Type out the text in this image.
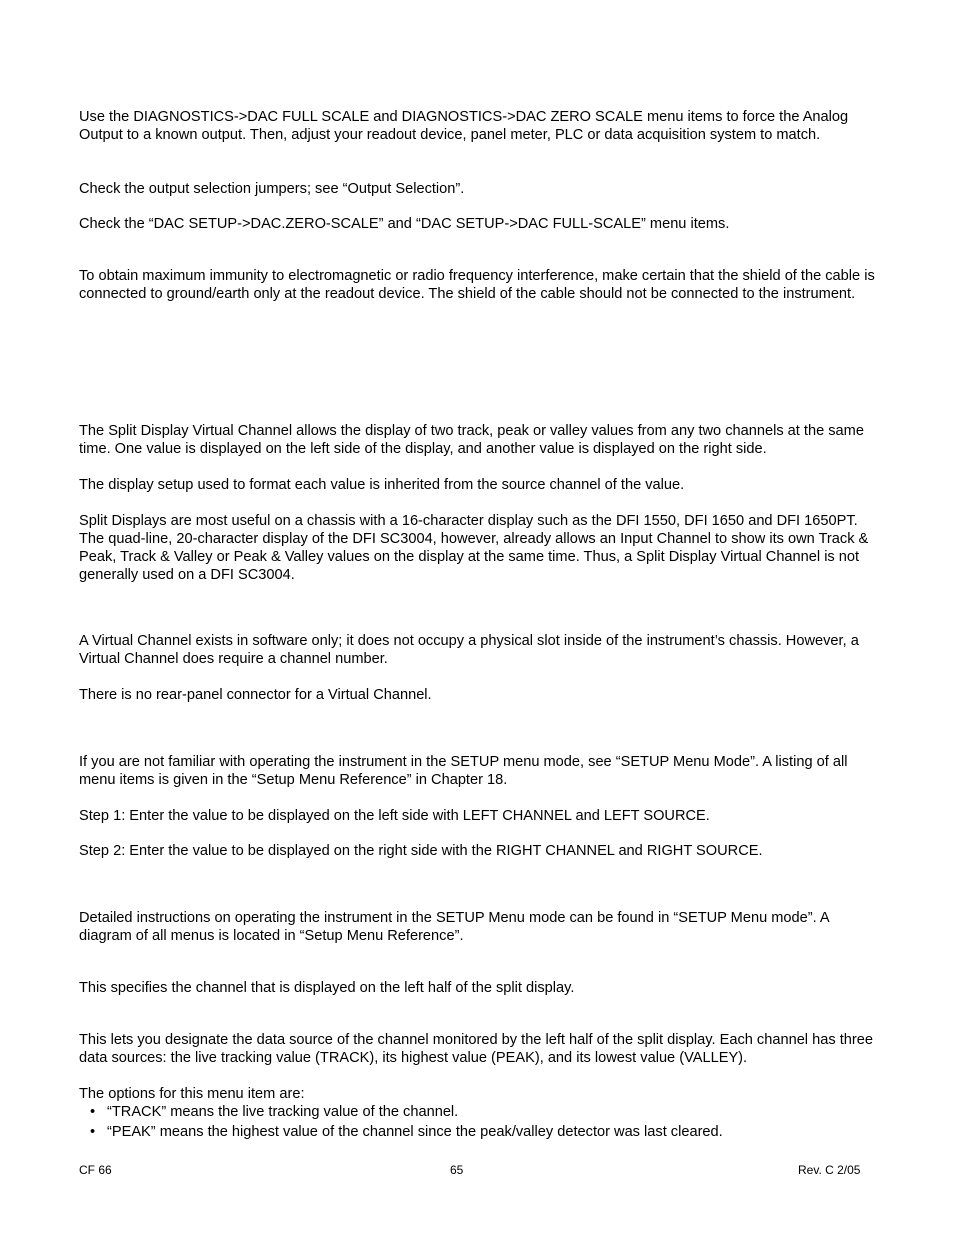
Use the DIAGNOSTICS->DAC FULL SCALE and DIAGNOSTICS->DAC ZERO SCALE menu items to force the Analog Output to a known output. Then, adjust your readout device, panel meter, PLC or data acquisition system to match.

Check the output selection jumpers; see “Output Selection”.

Check the “DAC SETUP->DAC.ZERO-SCALE” and “DAC SETUP->DAC FULL-SCALE” menu items.

To obtain maximum immunity to electromagnetic or radio frequency interference, make certain that the shield of the cable is connected to ground/earth only at the readout device. The shield of the cable should not be connected to the instrument.

The Split Display Virtual Channel allows the display of two track, peak or valley values from any two channels at the same time. One value is displayed on the left side of the display, and another value is displayed on the right side.

The display setup used to format each value is inherited from the source channel of the value.

Split Displays are most useful on a chassis with a 16-character display such as the DFI 1550, DFI 1650 and DFI 1650PT. The quad-line, 20-character display of the DFI SC3004, however, already allows an Input Channel to show its own Track & Peak, Track & Valley or Peak & Valley values on the display at the same time. Thus, a Split Display Virtual Channel is not generally used on a DFI SC3004.

A Virtual Channel exists in software only; it does not occupy a physical slot inside of the instrument’s chassis. However, a Virtual Channel does require a channel number.

There is no rear-panel connector for a Virtual Channel.

If you are not familiar with operating the instrument in the SETUP menu mode, see “SETUP Menu Mode”. A listing of all menu items is given in the “Setup Menu Reference” in Chapter 18.

Step 1: Enter the value to be displayed on the left side with LEFT CHANNEL and LEFT SOURCE.

Step 2: Enter the value to be displayed on the right side with the RIGHT CHANNEL and RIGHT SOURCE.

Detailed instructions on operating the instrument in the SETUP Menu mode can be found in “SETUP Menu mode”. A diagram of all menus is located in “Setup Menu Reference”.

This specifies the channel that is displayed on the left half of the split display.

This lets you designate the data source of the channel monitored by the left half of the split display. Each channel has three data sources: the live tracking value (TRACK), its highest value (PEAK), and its lowest value (VALLEY).

The options for this menu item are:

• “TRACK” means the live tracking value of the channel.
• “PEAK” means the highest value of the channel since the peak/valley detector was last cleared.
CF 66	65	Rev. C 2/05
